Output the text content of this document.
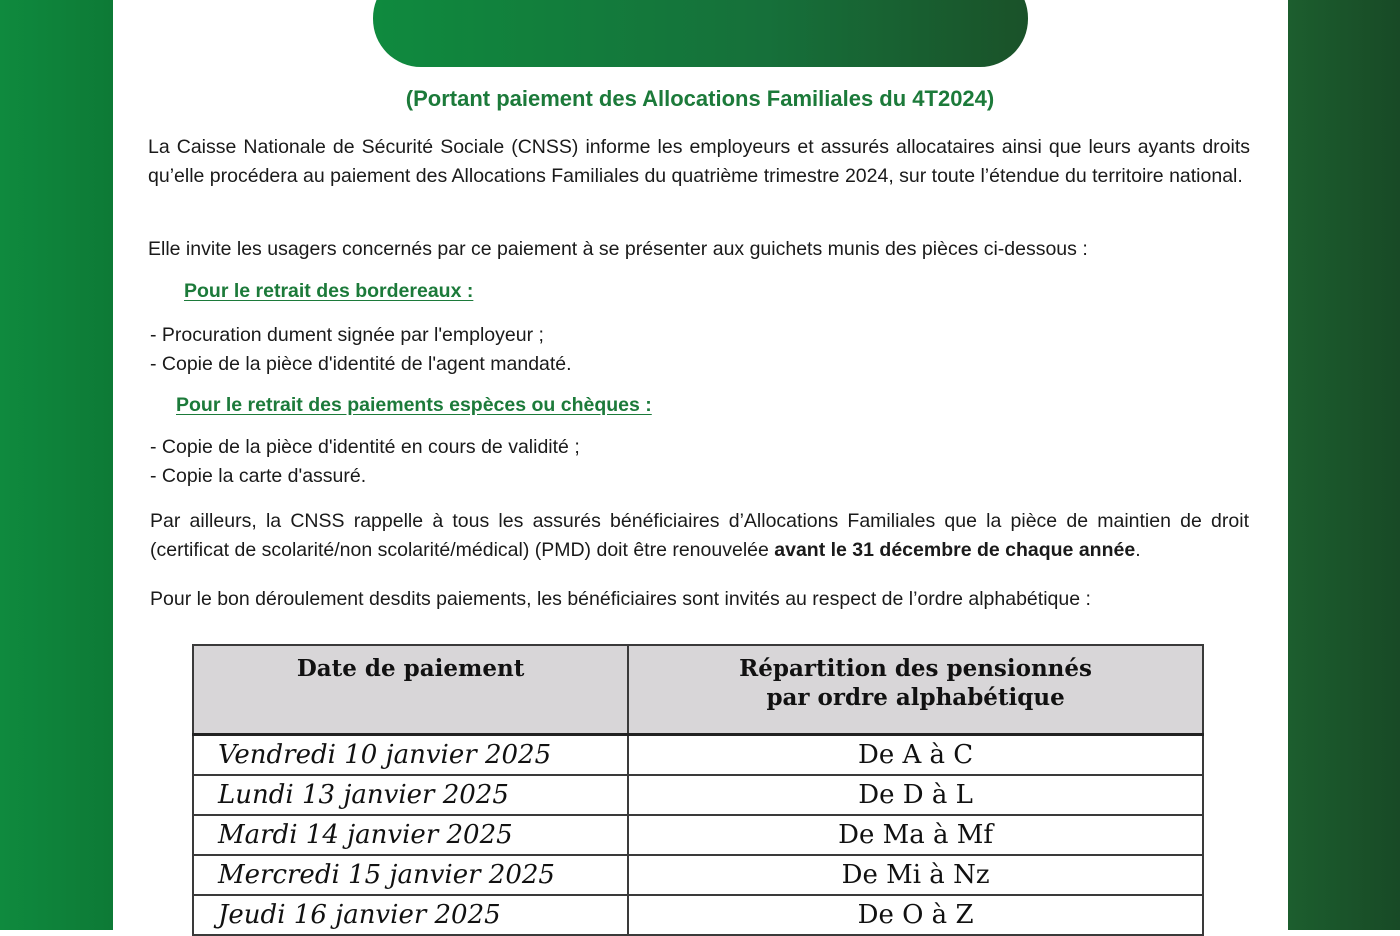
(Portant paiement des Allocations Familiales du 4T2024)
La Caisse Nationale de Sécurité Sociale (CNSS) informe les employeurs et assurés allocataires ainsi que leurs ayants droits qu’elle procédera au paiement des Allocations Familiales du quatrième trimestre 2024, sur toute l’étendue du territoire national.
Elle invite les usagers concernés par ce paiement à se présenter aux guichets munis des pièces ci-dessous :
Pour le retrait des bordereaux :
- Procuration dument signée par l'employeur ;
- Copie de la pièce d'identité de l'agent mandaté.
Pour le retrait des paiements espèces ou chèques :
- Copie de la pièce d'identité en cours de validité ;
- Copie la carte d'assuré.
Par ailleurs, la CNSS rappelle à tous les assurés bénéficiaires d’Allocations Familiales que la pièce de maintien de droit (certificat de scolarité/non scolarité/médical) (PMD) doit être renouvelée avant le 31 décembre de chaque année.
Pour le bon déroulement desdits paiements, les bénéficiaires sont invités au respect de l’ordre alphabétique :
Date de paiement	Répartition des pensionnés
par ordre alphabétique

Vendredi 10 janvier 2025	De A à C
Lundi 13 janvier 2025	De D à L
Mardi 14 janvier 2025	De Ma à Mf
Mercredi 15 janvier 2025	De Mi à Nz
Jeudi 16 janvier 2025	De O à Z
